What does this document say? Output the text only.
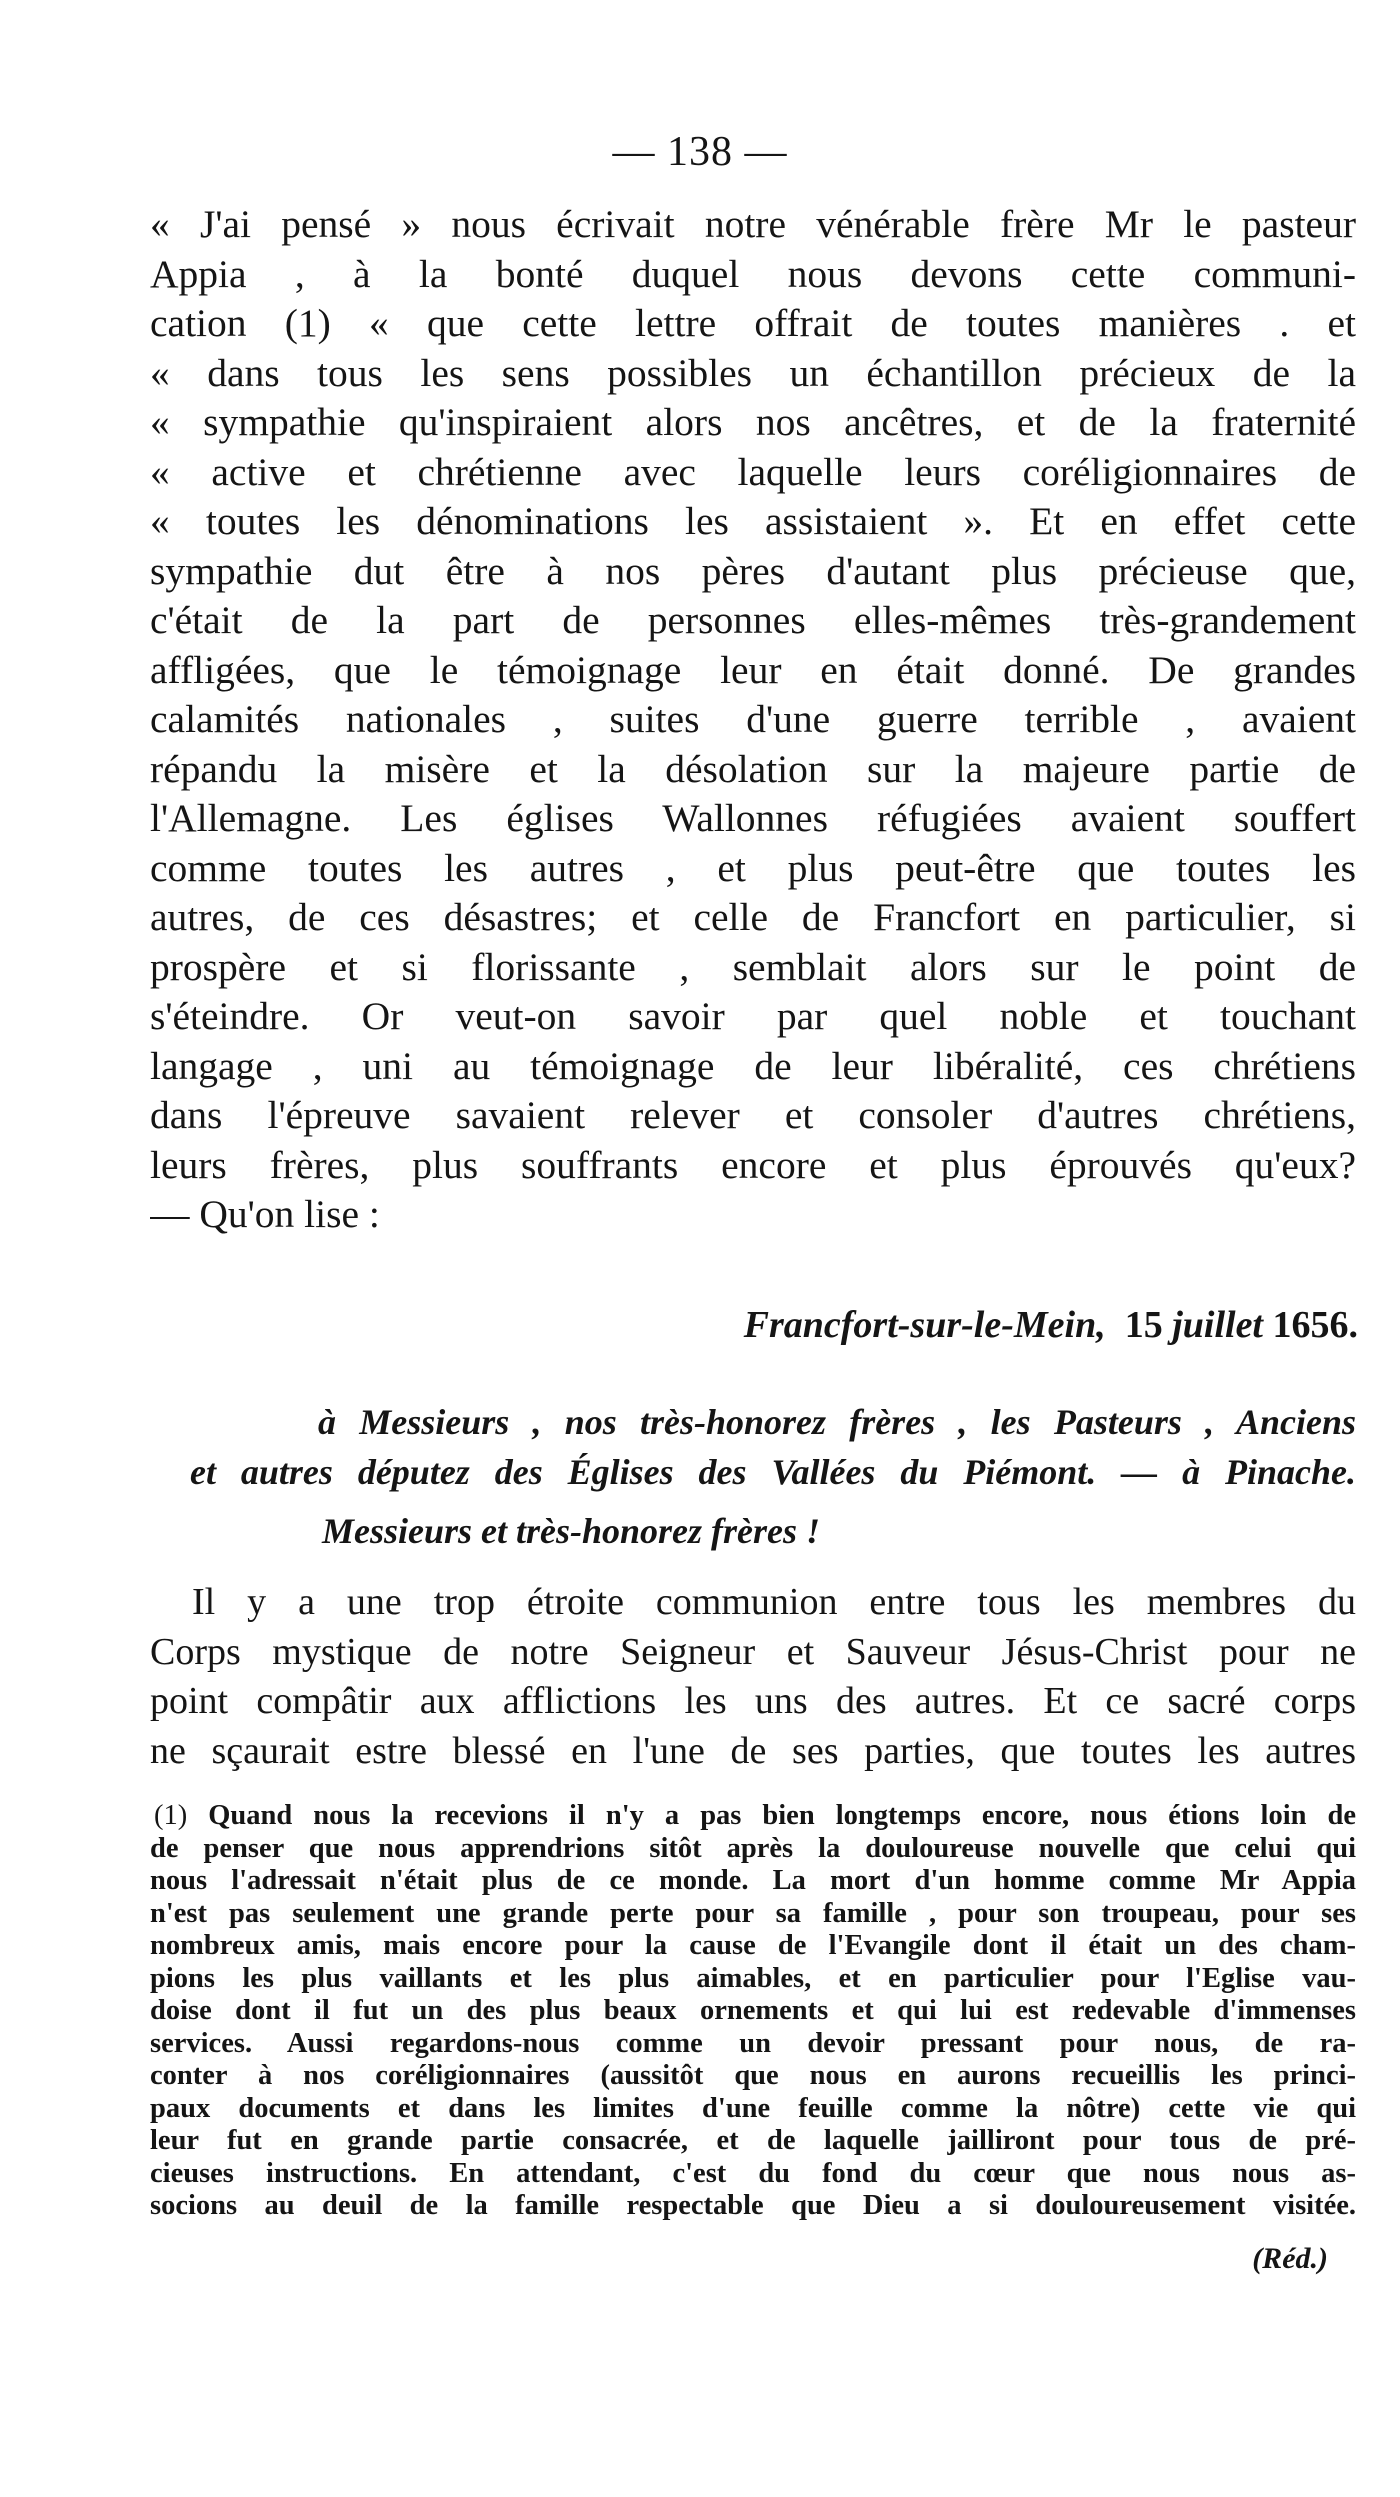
— 138 —
« J'ai pensé » nous écrivait notre vénérable frère Mr le pasteur
Appia , à la bonté duquel nous devons cette communi-
cation (1) « que cette lettre offrait de toutes manières . et
« dans tous les sens possibles un échantillon précieux de la
« sympathie qu'inspiraient alors nos ancêtres, et de la fraternité
« active et chrétienne avec laquelle leurs coréligionnaires de
« toutes les dénominations les assistaient ». Et en effet cette
sympathie dut être à nos pères d'autant plus précieuse que,
c'était de la part de personnes elles-mêmes très-grandement
affligées, que le témoignage leur en était donné. De grandes
calamités nationales , suites d'une guerre terrible , avaient
répandu la misère et la désolation sur la majeure partie de
l'Allemagne. Les églises Wallonnes réfugiées avaient souffert
comme toutes les autres , et plus peut-être que toutes les
autres, de ces désastres; et celle de Francfort en particulier, si
prospère et si florissante , semblait alors sur le point de
s'éteindre. Or veut-on savoir par quel noble et touchant
langage , uni au témoignage de leur libéralité, ces chrétiens
dans l'épreuve savaient relever et consoler d'autres chrétiens,
leurs frères, plus souffrants encore et plus éprouvés qu'eux?
— Qu'on lise :
Francfort-sur-le-Mein,  15 juillet 1656.
à Messieurs , nos très-honorez frères , les Pasteurs , Anciens
et autres députez des Églises des Vallées du Piémont. — à Pinache.
Messieurs et très-honorez frères !
Il y a une trop étroite communion entre tous les membres du
Corps mystique de notre Seigneur et Sauveur Jésus-Christ pour ne
point compâtir aux afflictions les uns des autres. Et ce sacré corps
ne sçaurait estre blessé en l'une de ses parties, que toutes les autres
(1) Quand nous la recevions il n'y a pas bien longtemps encore, nous étions loin de
de penser que nous apprendrions sitôt après la douloureuse nouvelle que celui qui
nous l'adressait n'était plus de ce monde. La mort d'un homme comme Mr Appia
n'est pas seulement une grande perte pour sa famille , pour son troupeau, pour ses
nombreux amis, mais encore pour la cause de l'Evangile dont il était un des cham-
pions les plus vaillants et les plus aimables, et en particulier pour l'Eglise vau-
doise dont il fut un des plus beaux ornements et qui lui est redevable d'immenses
services. Aussi regardons-nous comme un devoir pressant pour nous, de ra-
conter à nos coréligionnaires (aussitôt que nous en aurons recueillis les princi-
paux documents et dans les limites d'une feuille comme la nôtre) cette vie qui
leur fut en grande partie consacrée, et de laquelle jailliront pour tous de pré-
cieuses instructions. En attendant, c'est du fond du cœur que nous nous as-
socions au deuil de la famille respectable que Dieu a si douloureusement visitée.
(Réd.)
